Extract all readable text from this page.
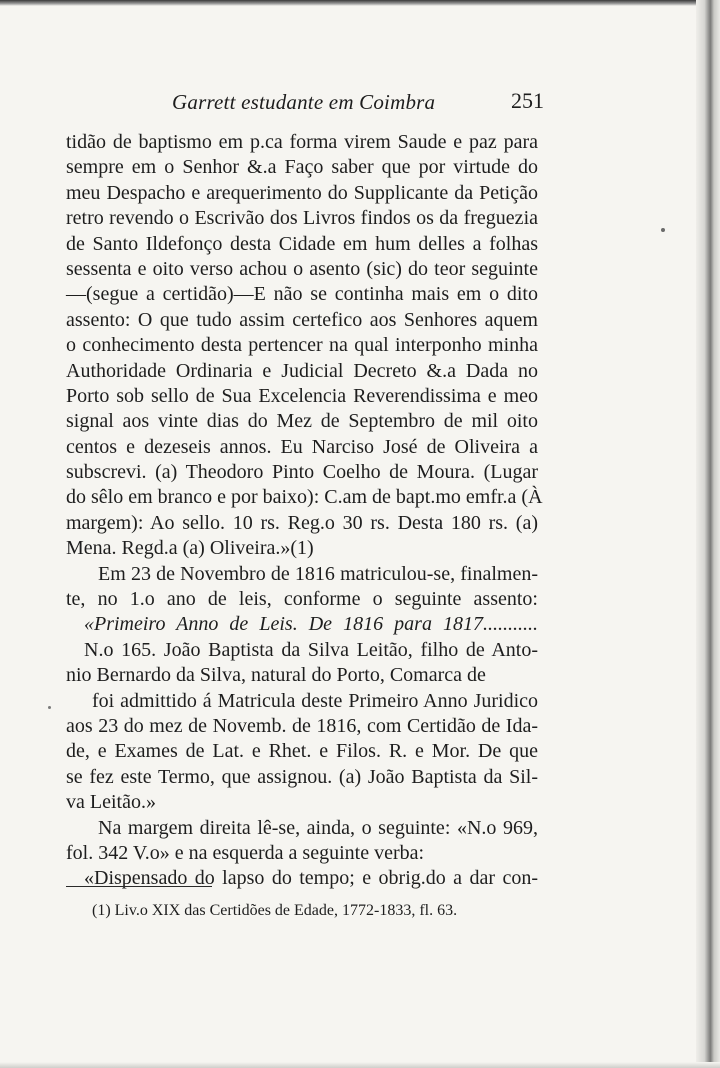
Garrett estudante em Coimbra	251
tidão de baptismo em p.ca forma virem Saude e paz para
sempre em o Senhor &.a Faço saber que por virtude do
meu Despacho e arequerimento do Supplicante da Petição
retro revendo o Escrivão dos Livros findos os da freguezia
de Santo Ildefonço desta Cidade em hum delles a folhas
sessenta e oito verso achou o asento (sic) do teor seguinte
—(segue a certidão)—E não se continha mais em o dito
assento: O que tudo assim certefico aos Senhores aquem
o conhecimento desta pertencer na qual interponho minha
Authoridade Ordinaria e Judicial Decreto &.a Dada no
Porto sob sello de Sua Excelencia Reverendissima e meo
signal aos vinte dias do Mez de Septembro de mil oito
centos e dezeseis annos. Eu Narciso José de Oliveira a
subscrevi. (a) Theodoro Pinto Coelho de Moura. (Lugar
do sêlo em branco e por baixo): C.am de bapt.mo emfr.a (À
margem): Ao sello. 10 rs. Reg.o 30 rs. Desta 180 rs. (a)
Mena. Regd.a (a) Oliveira.»(1)
Em 23 de Novembro de 1816 matriculou-se, finalmen-
te, no 1.o ano de leis, conforme o seguinte assento:
«Primeiro Anno de Leis. De 1816 para 1817...........
N.o 165. João Baptista da Silva Leitão, filho de Anto-
nio Bernardo da Silva, natural do Porto, Comarca de
foi admittido á Matricula deste Primeiro Anno Juridico
aos 23 do mez de Novemb. de 1816, com Certidão de Ida-
de, e Exames de Lat. e Rhet. e Filos. R. e Mor. De que
se fez este Termo, que assignou. (a) João Baptista da Sil-
va Leitão.»
Na margem direita lê-se, ainda, o seguinte: «N.o 969,
fol. 342 V.o» e na esquerda a seguinte verba:
«Dispensado do lapso do tempo; e obrig.do a dar con-
(1) Liv.o XIX das Certidões de Edade, 1772-1833, fl. 63.
